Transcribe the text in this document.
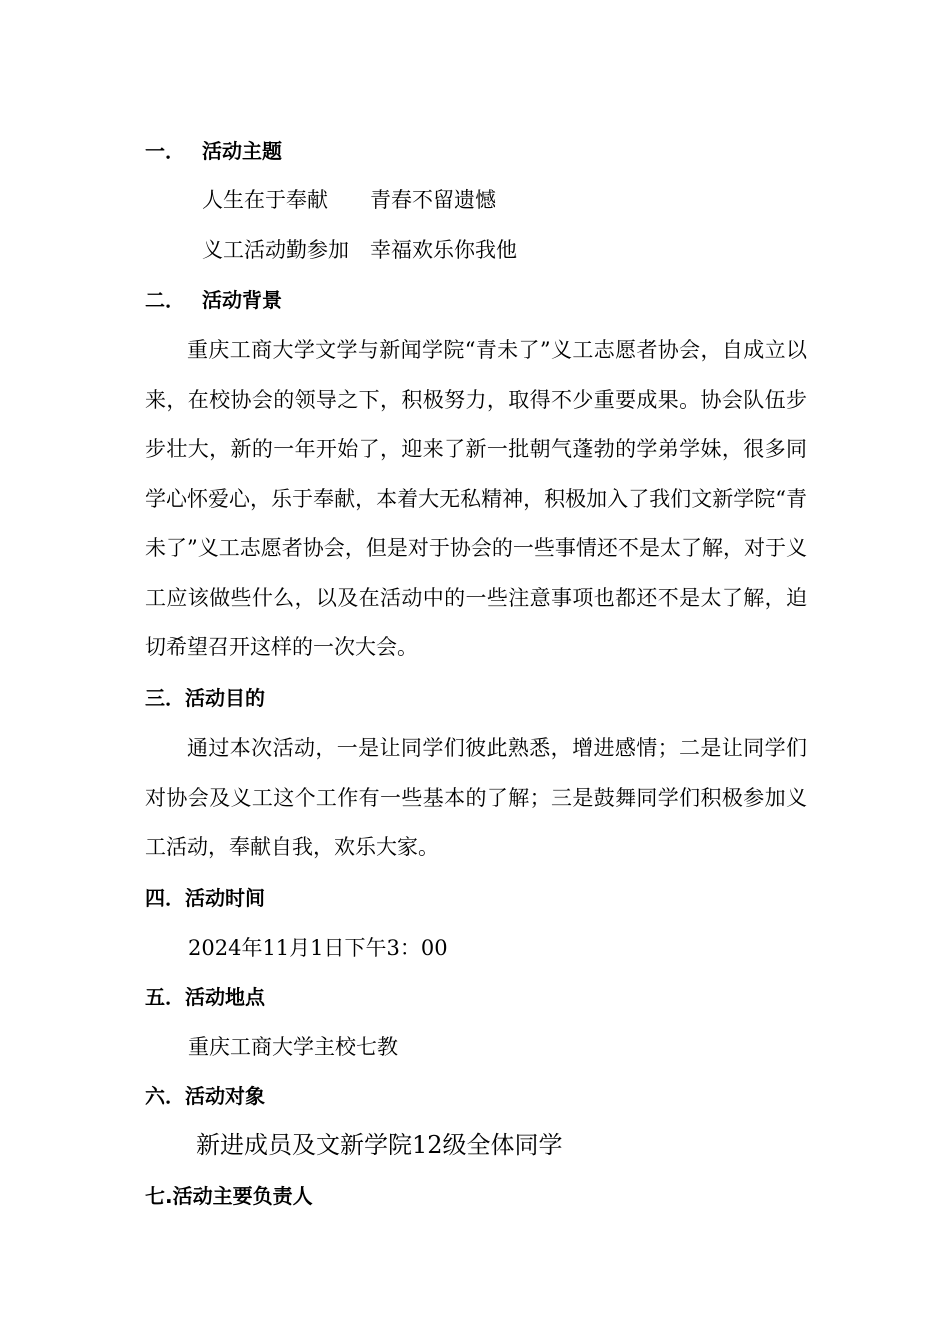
一． 活动主题
人生在于奉献　　青春不留遗憾
义工活动勤参加　幸福欢乐你我他
二． 活动背景

重庆工商大学文学与新闻学院“青未了”义工志愿者协会，自成立以来，在校协会的领导之下，积极努力，取得不少重要成果。协会队伍步步壮大，新的一年开始了，迎来了新一批朝气蓬勃的学弟学妹，很多同学心怀爱心，乐于奉献，本着大无私精神，积极加入了我们文新学院“青未了”义工志愿者协会，但是对于协会的一些事情还不是太了解，对于义工应该做些什么，以及在活动中的一些注意事项也都还不是太了解，迫切希望召开这样的一次大会。

三．活动目的

通过本次活动，一是让同学们彼此熟悉，增进感情；二是让同学们对协会及义工这个工作有一些基本的了解；三是鼓舞同学们积极参加义工活动，奉献自我，欢乐大家。

四．活动时间
2024年11月1日下午3：00
五．活动地点
重庆工商大学主校七教
六．活动对象
新进成员及文新学院12级全体同学
七.活动主要负责人
